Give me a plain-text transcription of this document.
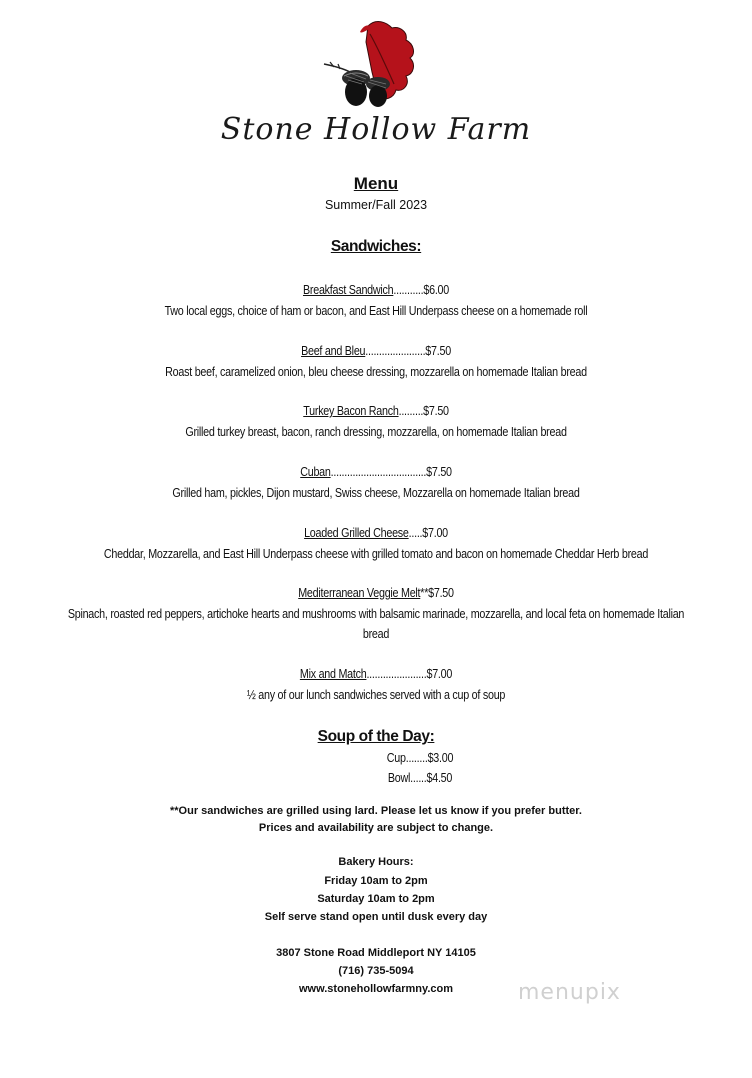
Stone Hollow Farm
Menu
Summer/Fall 2023
Sandwiches:
Breakfast Sandwich...........$6.00
Two local eggs, choice of ham or bacon, and East Hill Underpass cheese on a homemade roll
Beef and Bleu......................$7.50
Roast beef, caramelized onion, bleu cheese dressing, mozzarella on homemade Italian bread
Turkey Bacon Ranch.........$7.50
Grilled turkey breast, bacon, ranch dressing, mozzarella, on homemade Italian bread
Cuban...................................$7.50
Grilled ham, pickles, Dijon mustard, Swiss cheese, Mozzarella on homemade Italian bread
Loaded Grilled Cheese.....$7.00
Cheddar, Mozzarella, and East Hill Underpass cheese with grilled tomato and bacon on homemade Cheddar Herb bread
Mediterranean Veggie Melt**$7.50
Spinach, roasted red peppers, artichoke hearts and mushrooms with balsamic marinade, mozzarella, and local feta on homemade Italian
bread
Mix and Match......................$7.00
½ any of our lunch sandwiches served with a cup of soup
Soup of the Day:
Cup........$3.00
Bowl......$4.50
**Our sandwiches are grilled using lard. Please let us know if you prefer butter.
Prices and availability are subject to change.
Bakery Hours:
Friday 10am to 2pm
Saturday 10am to 2pm
Self serve stand open until dusk every day
3807 Stone Road Middleport NY 14105
(716) 735-5094
www.stonehollowfarmny.com	menupix
